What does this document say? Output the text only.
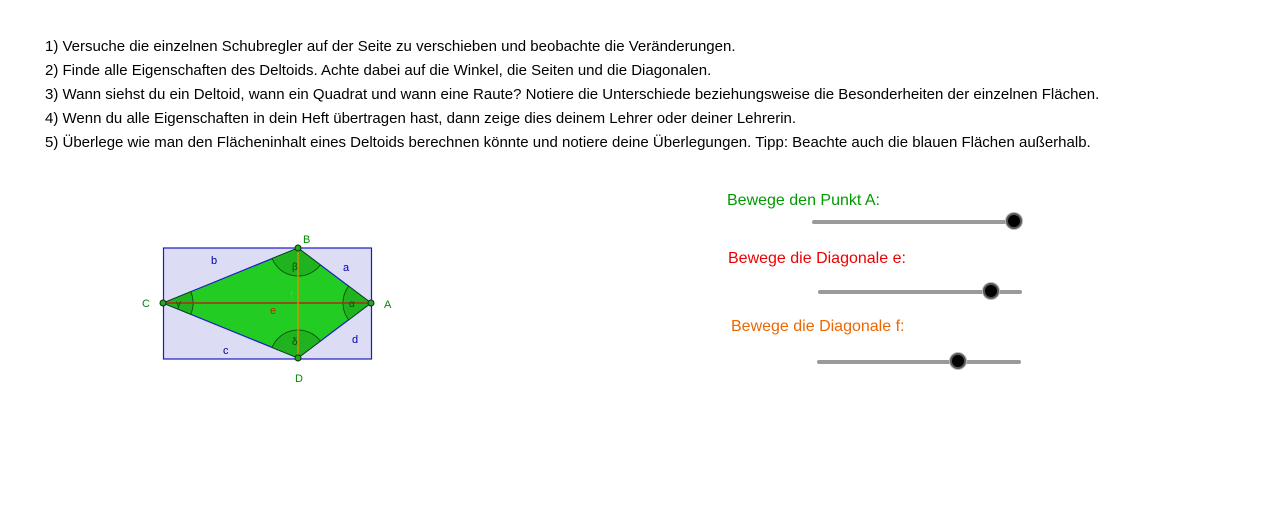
1) Versuche die einzelnen Schubregler auf der Seite zu verschieben und beobachte die Veränderungen.
2) Finde alle Eigenschaften des Deltoids. Achte dabei auf die Winkel, die Seiten und die Diagonalen.
3) Wann siehst du ein Deltoid, wann ein Quadrat und wann eine Raute? Notiere die Unterschiede beziehungsweise die Besonderheiten der einzelnen Flächen.
4) Wenn du alle Eigenschaften in dein Heft übertragen hast, dann zeige dies deinem Lehrer oder deiner Lehrerin.
5) Überlege wie man den Flächeninhalt eines Deltoids berechnen könnte und notiere deine Überlegungen. Tipp: Beachte auch die blauen Flächen außerhalb.
A
B
C
D
a
b
c
d
e
f
α
β
γ
δ
Bewege den Punkt A:
Bewege die Diagonale e:
Bewege die Diagonale f:
